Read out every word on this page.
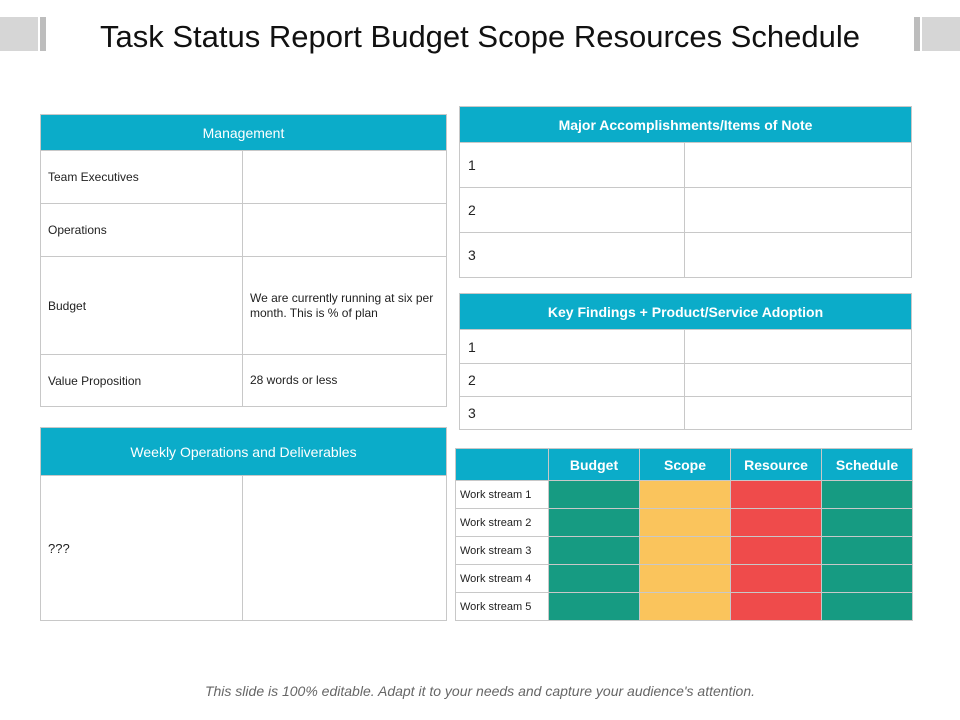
Task Status Report Budget Scope Resources Schedule
Management	
Team Executives	
Operations	
Budget	We are currently running at six per month. This is % of plan
Value Proposition	28 words or less
Weekly Operations and Deliverables
???	
Major Accomplishments/Items of Note	
1	
2	
3	
Key Findings + Product/Service Adoption	
1	
2	
3	
	Budget	Scope	Resource	Schedule
Work stream 1				
Work stream 2				
Work stream 3				
Work stream 4				
Work stream 5				
This slide is 100% editable. Adapt it to your needs and capture your audience's attention.
